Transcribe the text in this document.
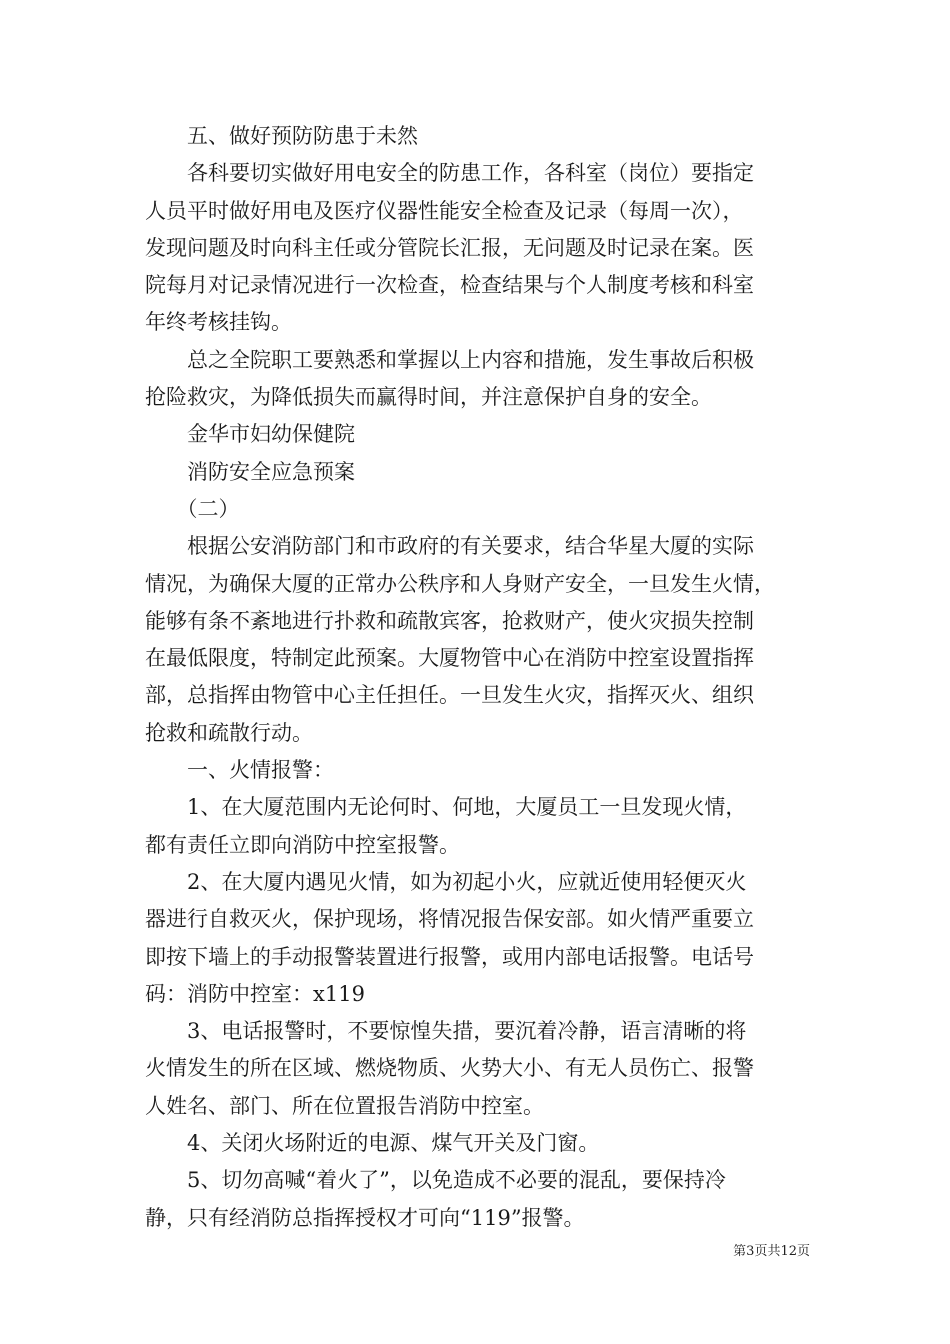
　　五、做好预防防患于未然
　　各科要切实做好用电安全的防患工作，各科室（岗位）要指定
人员平时做好用电及医疗仪器性能安全检查及记录（每周一次），
发现问题及时向科主任或分管院长汇报，无问题及时记录在案。医
院每月对记录情况进行一次检查，检查结果与个人制度考核和科室
年终考核挂钩。
　　总之全院职工要熟悉和掌握以上内容和措施，发生事故后积极
抢险救灾，为降低损失而赢得时间，并注意保护自身的安全。
　　金华市妇幼保健院
　　消防安全应急预案
　　（二）
　　根据公安消防部门和市政府的有关要求，结合华星大厦的实际
情况，为确保大厦的正常办公秩序和人身财产安全，一旦发生火情，
能够有条不紊地进行扑救和疏散宾客，抢救财产，使火灾损失控制
在最低限度，特制定此预案。大厦物管中心在消防中控室设置指挥
部，总指挥由物管中心主任担任。一旦发生火灾，指挥灭火、组织
抢救和疏散行动。
　　一、火情报警：
　　1、在大厦范围内无论何时、何地，大厦员工一旦发现火情，
都有责任立即向消防中控室报警。
　　2、在大厦内遇见火情，如为初起小火，应就近使用轻便灭火
器进行自救灭火，保护现场，将情况报告保安部。如火情严重要立
即按下墙上的手动报警装置进行报警，或用内部电话报警。电话号
码：消防中控室：x119
　　3、电话报警时，不要惊惶失措，要沉着冷静，语言清晰的将
火情发生的所在区域、燃烧物质、火势大小、有无人员伤亡、报警
人姓名、部门、所在位置报告消防中控室。
　　4、关闭火场附近的电源、煤气开关及门窗。
　　5、切勿高喊“着火了”，以免造成不必要的混乱，要保持冷
静，只有经消防总指挥授权才可向“119”报警。
第3页共12页
